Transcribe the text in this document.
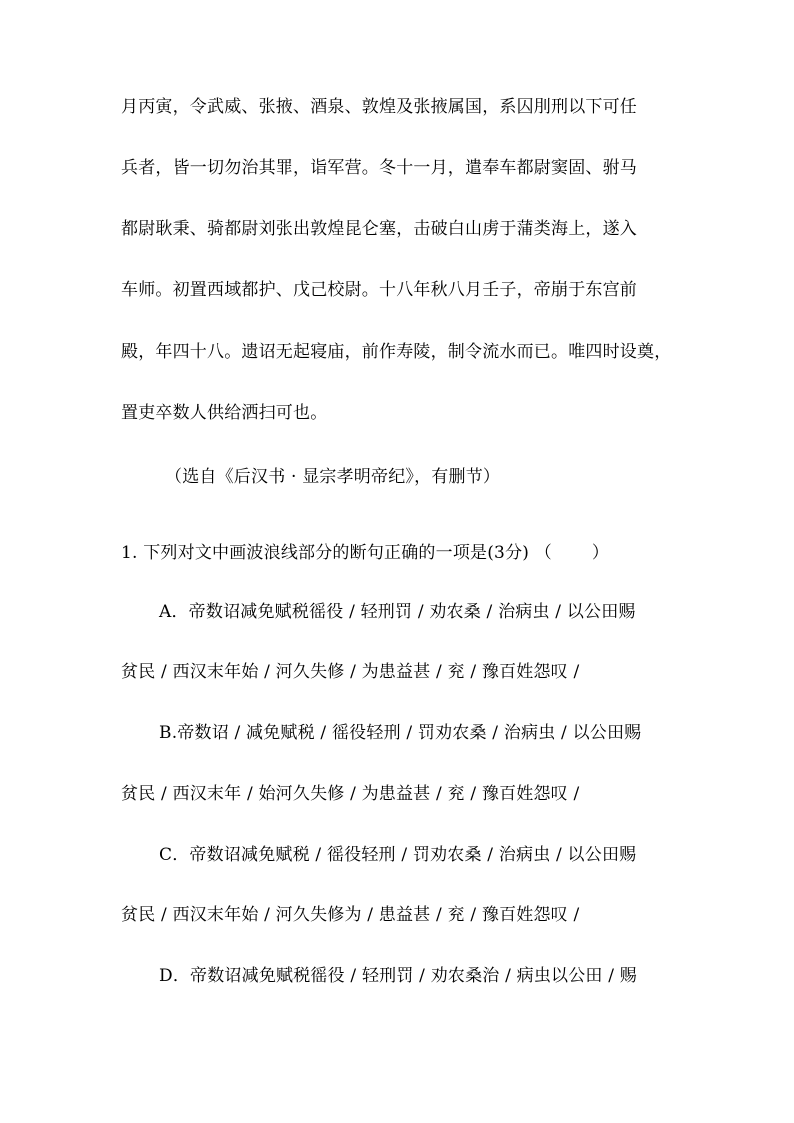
月丙寅，令武威、张掖、酒泉、敦煌及张掖属国，系囚刖刑以下可任
兵者，皆一切勿治其罪，诣军营。冬十一月，遣奉车都尉窦固、驸马
都尉耿秉、骑都尉刘张出敦煌昆仑塞，击破白山虏于蒲类海上，遂入
车师。初置西域都护、戊己校尉。十八年秋八月壬子，帝崩于东宫前
殿，年四十八。遗诏无起寝庙，前作寿陵，制令流水而已。唯四时设奠，
置吏卒数人供给洒扫可也。
（选自《后汉书 · 显宗孝明帝纪》，有删节）
1. 下列对文中画波浪线部分的断句正确的一项是(3分) （ ）
A．帝数诏减免赋税徭役 / 轻刑罚 / 劝农桑 / 治病虫 / 以公田赐
贫民 / 西汉末年始 / 河久失修 / 为患益甚 / 兖 / 豫百姓怨叹 /
B.帝数诏 / 减免赋税 / 徭役轻刑 / 罚劝农桑 / 治病虫 / 以公田赐
贫民 / 西汉末年 / 始河久失修 / 为患益甚 / 兖 / 豫百姓怨叹 /
C．帝数诏减免赋税 / 徭役轻刑 / 罚劝农桑 / 治病虫 / 以公田赐
贫民 / 西汉末年始 / 河久失修为 / 患益甚 / 兖 / 豫百姓怨叹 /
D．帝数诏减免赋税徭役 / 轻刑罚 / 劝农桑治 / 病虫以公田 / 赐
